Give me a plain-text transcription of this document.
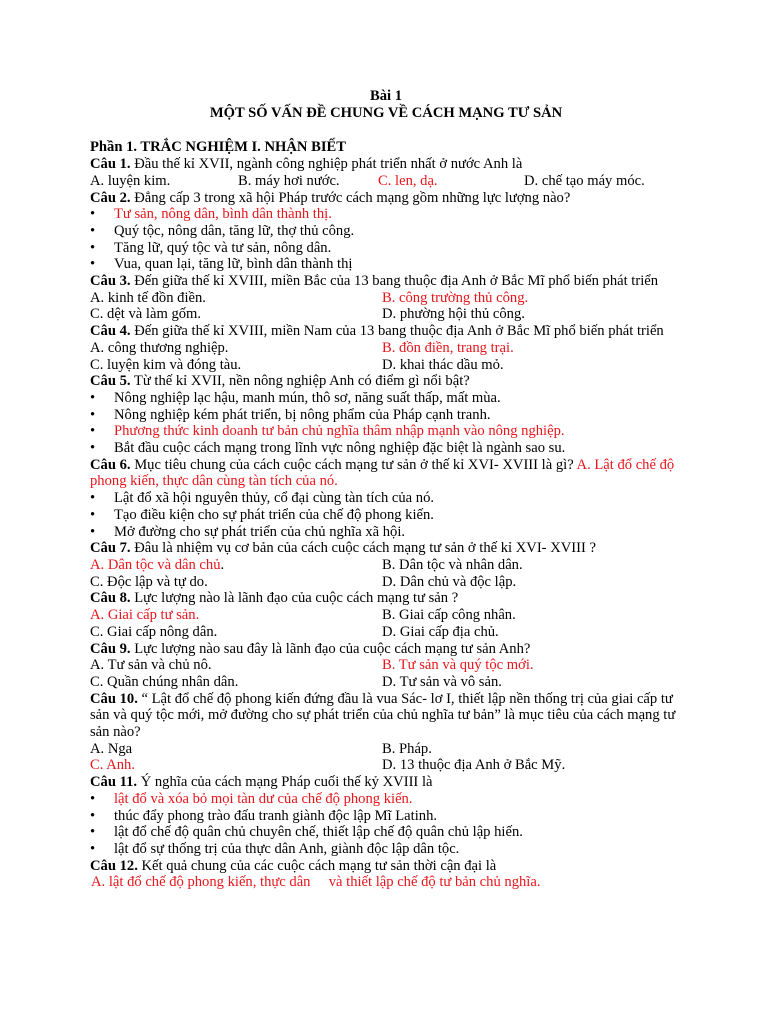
Bài 1
MỘT SỐ VẤN ĐỀ CHUNG VỀ CÁCH MẠNG TƯ SẢN
Phần 1. TRẮC NGHIỆM I. NHẬN BIẾT
Câu 1. Đầu thế kỉ XVII, ngành công nghiệp phát triển nhất ở nước Anh là
A. luyện kim.	B. máy hơi nước.	C. len, dạ.	D. chế tạo máy móc.
Câu 2. Đẳng cấp 3 trong xã hội Pháp trước cách mạng gồm những lực lượng nào?
• Tư sản, nông dân, bình dân thành thị.
• Quý tộc, nông dân, tăng lữ, thợ thủ công.
• Tăng lữ, quý tộc và tư sản, nông dân.
• Vua, quan lại, tăng lữ, bình dân thành thị
Câu 3. Đến giữa thế kỉ XVIII, miền Bắc của 13 bang thuộc địa Anh ở Bắc Mĩ phổ biến phát triển
A. kinh tế đồn điền.	B. công trường thủ công.
C. dệt và làm gốm.	D. phường hội thủ công.
Câu 4. Đến giữa thế kỉ XVIII, miền Nam của 13 bang thuộc địa Anh ở Bắc Mĩ phổ biến phát triển
A. công thương nghiệp.	B. đồn điền, trang trại.
C. luyện kim và đóng tàu.	D. khai thác dầu mỏ.
Câu 5. Từ thế kỉ XVII, nền nông nghiệp Anh có điểm gì nổi bật?
• Nông nghiệp lạc hậu, manh mún, thô sơ, năng suất thấp, mất mùa.
• Nông nghiệp kém phát triển, bị nông phẩm của Pháp cạnh tranh.
• Phương thức kinh doanh tư bản chủ nghĩa thâm nhập mạnh vào nông nghiệp.
• Bắt đầu cuộc cách mạng trong lĩnh vực nông nghiệp đặc biệt là ngành sao su.
Câu 6. Mục tiêu chung của cách cuộc cách mạng tư sản ở thế kỉ XVI- XVIII là gì? A. Lật đổ chế độ phong kiến, thực dân cùng tàn tích của nó.
• Lật đổ xã hội nguyên thủy, cổ đại cùng tàn tích của nó.
• Tạo điều kiện cho sự phát triển của chế độ phong kiến.
• Mở đường cho sự phát triển của chủ nghĩa xã hội.
Câu 7. Đâu là nhiệm vụ cơ bản của cách cuộc cách mạng tư sản ở thế kỉ XVI- XVIII ?
A. Dân tộc và dân chủ.	B. Dân tộc và nhân dân.
C. Độc lập và tự do.	D. Dân chủ và độc lập.
Câu 8. Lực lượng nào là lãnh đạo của cuộc cách mạng tư sản ?
A. Giai cấp tư sản.	B. Giai cấp công nhân.
C. Giai cấp nông dân.	D. Giai cấp địa chủ.
Câu 9. Lực lượng nào sau đây là lãnh đạo của cuộc cách mạng tư sản Anh?
A. Tư sản và chủ nô.	B. Tư sản và quý tộc mới.
C. Quần chúng nhân dân.	D. Tư sản và vô sản.
Câu 10. “ Lật đổ chế độ phong kiến đứng đầu là vua Sác- lơ I, thiết lập nền thống trị của giai cấp tư sản và quý tộc mới, mở đường cho sự phát triển của chủ nghĩa tư bản” là mục tiêu của cách mạng tư sản nào?
A. Nga	B. Pháp.
C. Anh.	D. 13 thuộc địa Anh ở Bắc Mỹ.
Câu 11. Ý nghĩa của cách mạng Pháp cuối thế kỷ XVIII là
• lật đổ và xóa bỏ mọi tàn dư của chế độ phong kiến.
• thúc đẩy phong trào đấu tranh giành độc lập Mĩ Latinh.
• lật đổ chế độ quân chủ chuyên chế, thiết lập chế độ quân chủ lập hiến.
• lật đổ sự thống trị của thực dân Anh, giành độc lập dân tộc.
Câu 12. Kết quả chung của các cuộc cách mạng tư sản thời cận đại là
A. lật đổ chế độ phong kiến, thực dân     và thiết lập chế độ tư bản chủ nghĩa.
